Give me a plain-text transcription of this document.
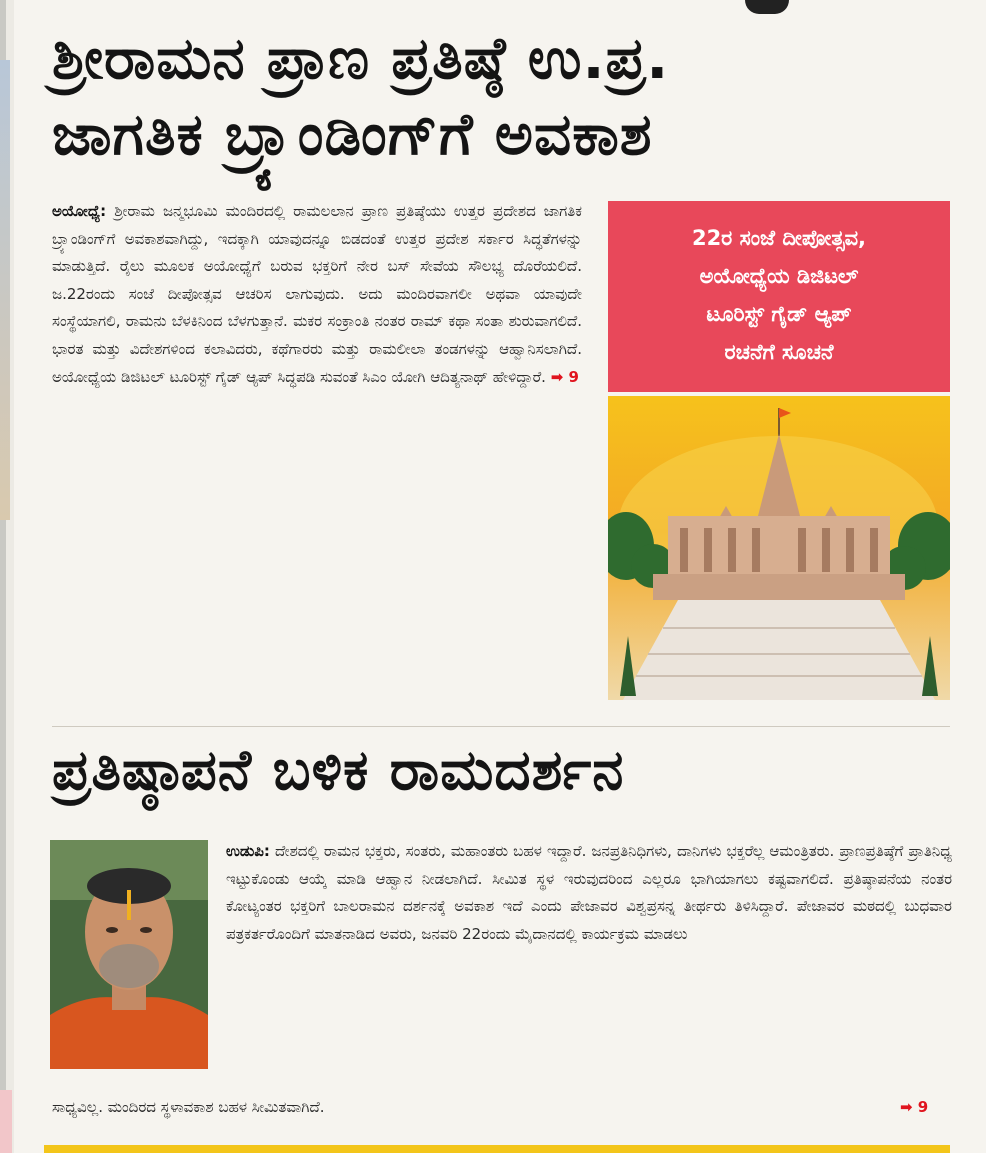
ಶ್ರೀರಾಮನ ಪ್ರಾಣ ಪ್ರತಿಷ್ಠೆ ಉ.ಪ್ರ.
ಜಾಗತಿಕ ಬ್ರ್ಯಾಂಡಿಂಗ್‌ಗೆ ಅವಕಾಶ
ಅಯೋಧ್ಯೆ: ಶ್ರೀರಾಮ ಜನ್ಮಭೂಮಿ ಮಂದಿರದಲ್ಲಿ ರಾಮಲಲಾನ ಪ್ರಾಣ ಪ್ರತಿಷ್ಠೆಯು ಉತ್ತರ ಪ್ರದೇಶದ ಜಾಗತಿಕ ಬ್ರ್ಯಾಂಡಿಂಗ್‌ಗೆ ಅವಕಾಶವಾಗಿದ್ದು, ಇದಕ್ಕಾಗಿ ಯಾವುದನ್ನೂ ಬಿಡದಂತೆ ಉತ್ತರ ಪ್ರದೇಶ ಸರ್ಕಾರ ಸಿದ್ಧತೆಗಳನ್ನು ಮಾಡುತ್ತಿದೆ. ರೈಲು ಮೂಲಕ ಅಯೋಧ್ಯೆಗೆ ಬರುವ ಭಕ್ತರಿಗೆ ನೇರ ಬಸ್ ಸೇವೆಯ ಸೌಲಭ್ಯ ದೊರೆಯಲಿದೆ. ಜ.22ರಂದು ಸಂಜೆ ದೀಪೋತ್ಸವ ಆಚರಿಸ ಲಾಗುವುದು. ಅದು ಮಂದಿರವಾಗಲೀ ಅಥವಾ ಯಾವುದೇ ಸಂಸ್ಥೆಯಾಗಲಿ, ರಾಮನು ಬೆಳಕಿನಿಂದ ಬೆಳಗುತ್ತಾನೆ. ಮಕರ ಸಂಕ್ರಾಂತಿ ನಂತರ ರಾಮ್ ಕಥಾ ಸಂತಾ ಶುರುವಾಗಲಿದೆ. ಭಾರತ ಮತ್ತು ವಿದೇಶಗಳಿಂದ ಕಲಾವಿದರು, ಕಥೆಗಾರರು ಮತ್ತು ರಾಮಲೀಲಾ ತಂಡಗಳನ್ನು ಆಹ್ವಾನಿಸಲಾಗಿದೆ. ಅಯೋಧ್ಯೆಯ ಡಿಜಿಟಲ್ ಟೂರಿಸ್ಟ್ ಗೈಡ್ ಆ್ಯಪ್ ಸಿದ್ಧಪಡಿ ಸುವಂತೆ ಸಿಎಂ ಯೋಗಿ ಆದಿತ್ಯನಾಥ್ ಹೇಳಿದ್ದಾರೆ. ➡ 9
22ರ ಸಂಜೆ ದೀಪೋತ್ಸವ,
ಅಯೋಧ್ಯೆಯ ಡಿಜಿಟಲ್
ಟೂರಿಸ್ಟ್ ಗೈಡ್ ಆ್ಯಪ್
ರಚನೆಗೆ ಸೂಚನೆ
ಪ್ರತಿಷ್ಠಾಪನೆ ಬಳಿಕ ರಾಮದರ್ಶನ
ಉಡುಪಿ: ದೇಶದಲ್ಲಿ ರಾಮನ ಭಕ್ತರು, ಸಂತರು, ಮಹಾಂತರು ಬಹಳ ಇದ್ದಾರೆ. ಜನಪ್ರತಿನಿಧಿಗಳು, ದಾನಿಗಳು ಭಕ್ತರೆಲ್ಲ ಆಮಂತ್ರಿತರು. ಪ್ರಾಣಪ್ರತಿಷ್ಠೆಗೆ ಪ್ರಾತಿನಿಧ್ಯ ಇಟ್ಟುಕೊಂಡು ಆಯ್ಕೆ ಮಾಡಿ ಆಹ್ವಾನ ನೀಡಲಾಗಿದೆ. ಸೀಮಿತ ಸ್ಥಳ ಇರುವುದರಿಂದ ಎಲ್ಲರೂ ಭಾಗಿಯಾಗಲು ಕಷ್ಟವಾಗಲಿದೆ. ಪ್ರತಿಷ್ಠಾಪನೆಯ ನಂತರ ಕೋಟ್ಯಂತರ ಭಕ್ತರಿಗೆ ಬಾಲರಾಮನ ದರ್ಶನಕ್ಕೆ ಅವಕಾಶ ಇದೆ ಎಂದು ಪೇಜಾವರ ವಿಶ್ವಪ್ರಸನ್ನ ತೀರ್ಥರು ತಿಳಿಸಿದ್ದಾರೆ. ಪೇಜಾವರ ಮಠದಲ್ಲಿ ಬುಧವಾರ ಪತ್ರಕರ್ತರೊಂದಿಗೆ ಮಾತನಾಡಿದ ಅವರು, ಜನವರಿ 22ರಂದು ಮೈದಾನದಲ್ಲಿ ಕಾರ್ಯಕ್ರಮ ಮಾಡಲು
ಸಾಧ್ಯವಿಲ್ಲ. ಮಂದಿರದ ಸ್ಥಳಾವಕಾಶ ಬಹಳ ಸೀಮಿತವಾಗಿದೆ.	➡ 9
